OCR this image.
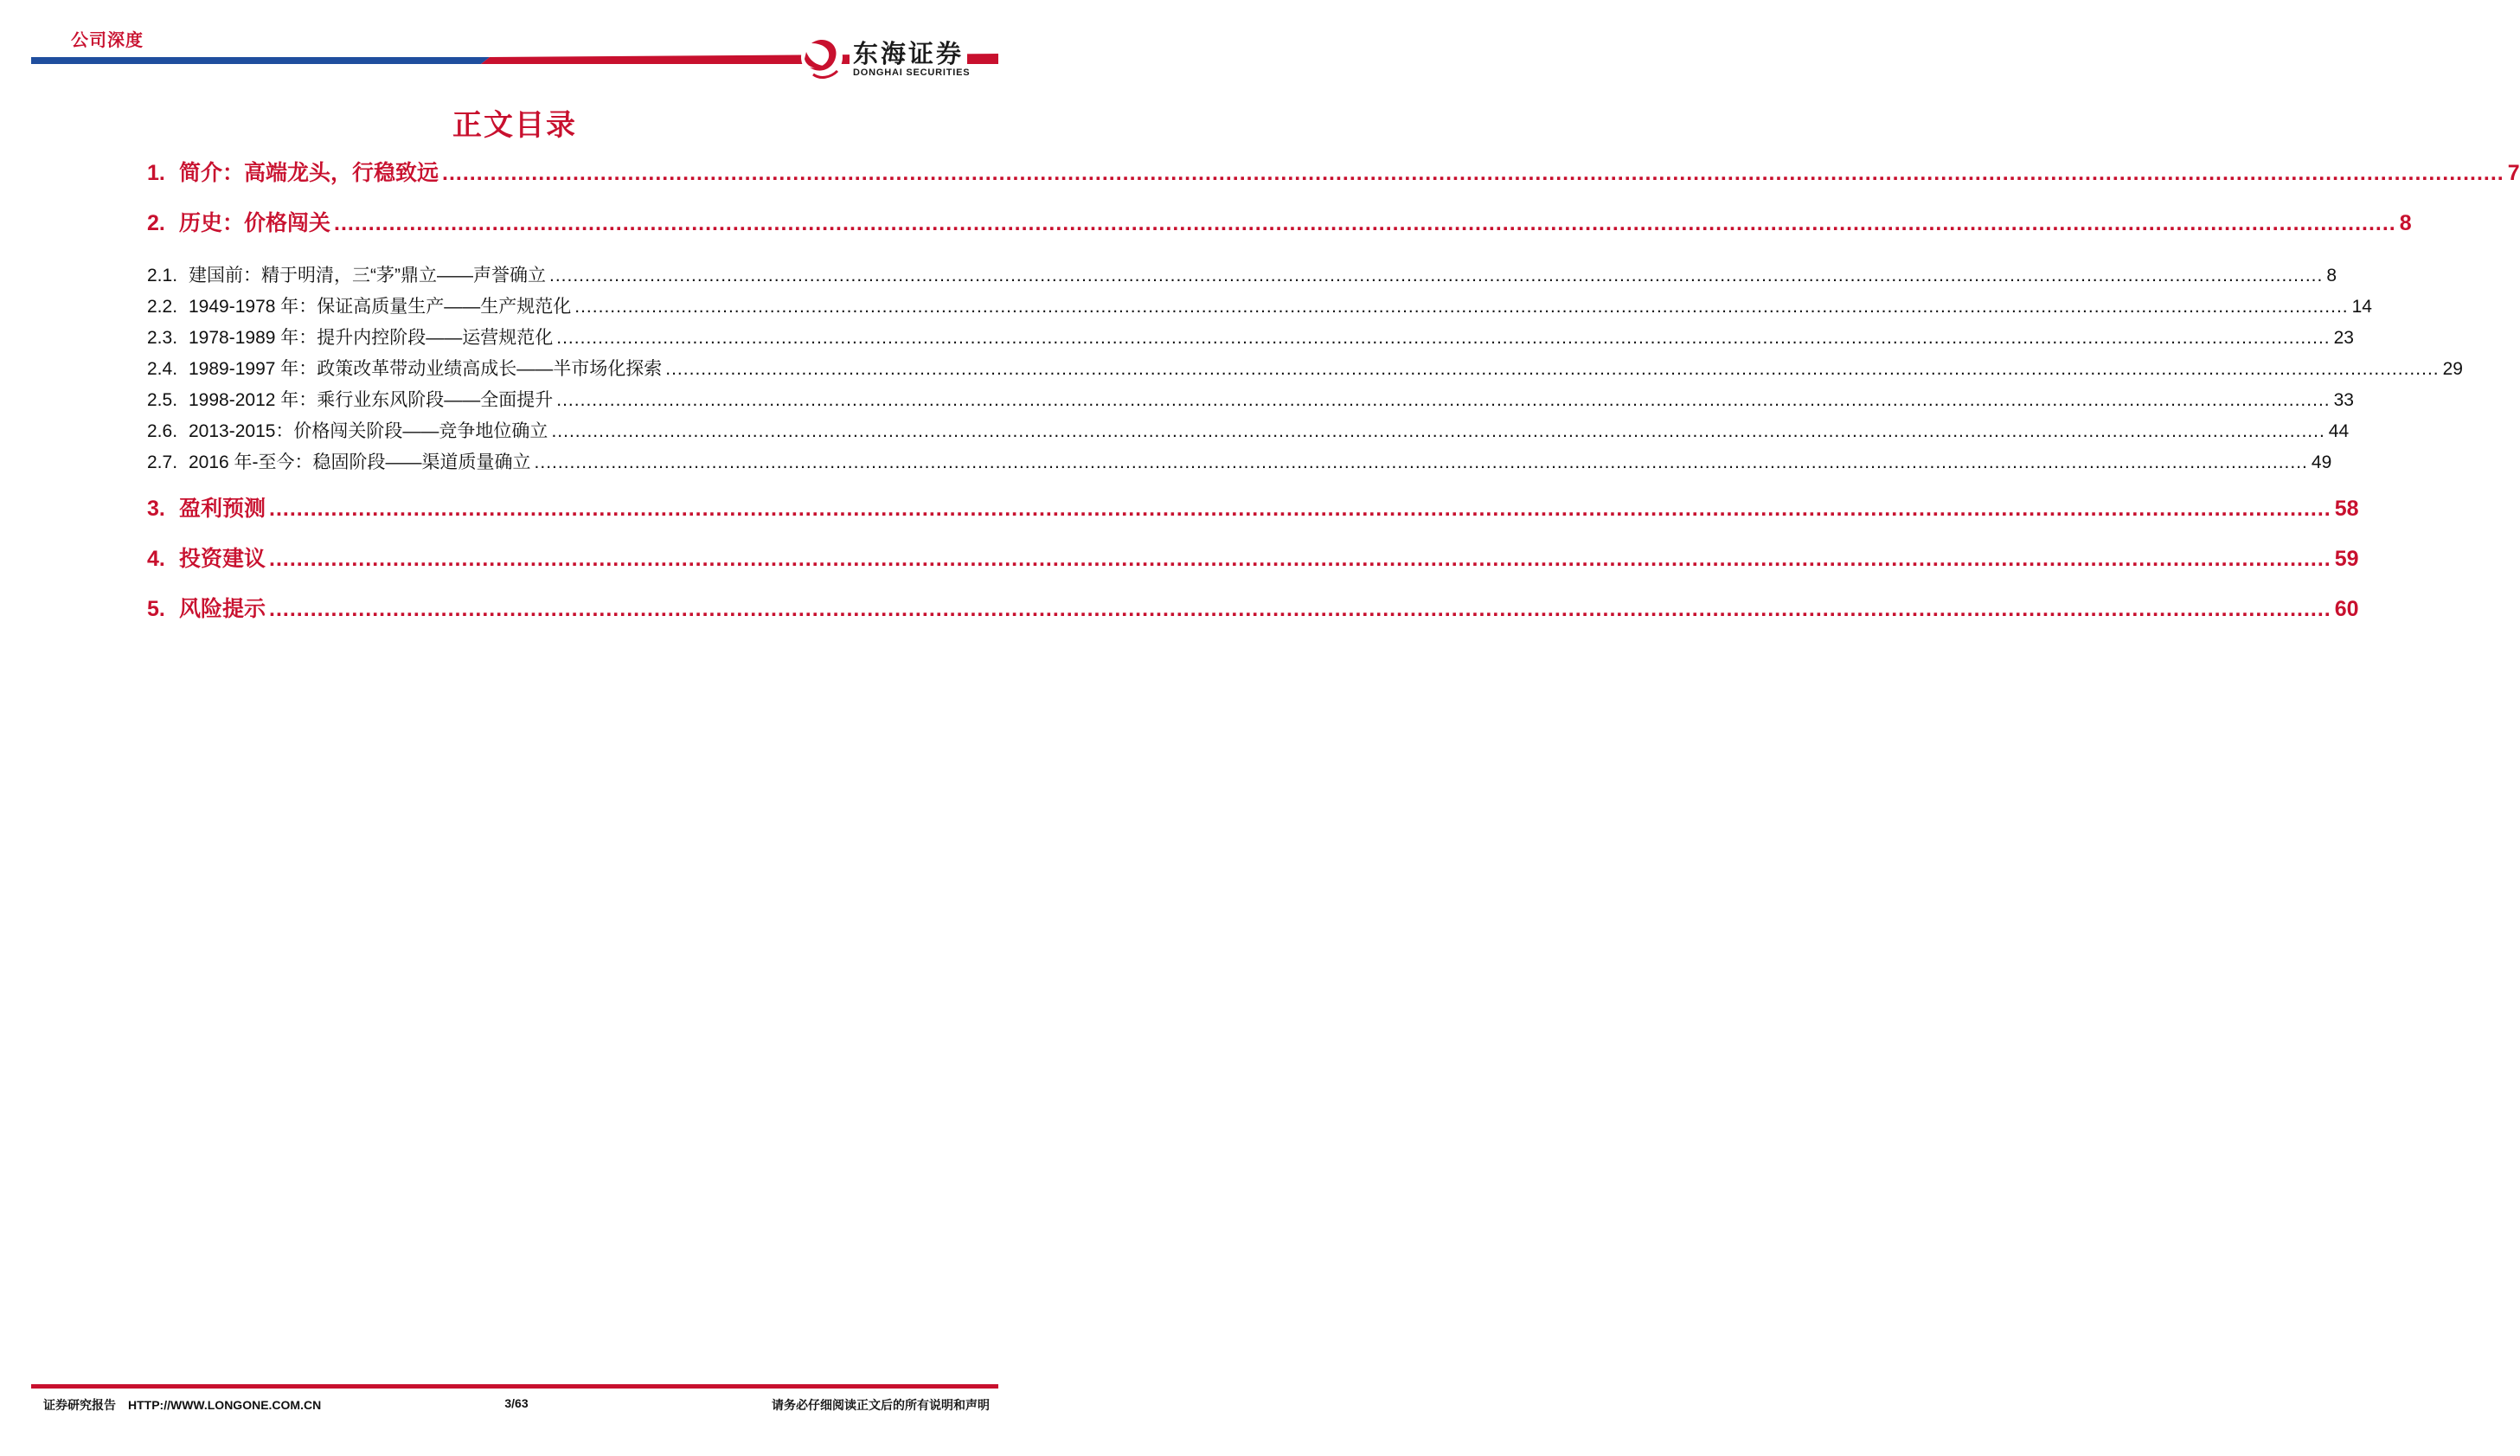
公司深度	东海证券
DONGHAI SECURITIES
正文目录
1. 简介：高端龙头，行稳致远 ............................................................................................................................................................................................................................................................................................................ 7
2. 历史：价格闯关 ............................................................................................................................................................................................................................................................................................................ 8
2.1. 建国前：精于明清，三“茅”鼎立——声誉确立 ............................................................................................................................................................................................................................................................................................................ 8
2.2. 1949-1978 年：保证高质量生产——生产规范化 ............................................................................................................................................................................................................................................................................................................ 14
2.3. 1978-1989 年：提升内控阶段——运营规范化 ............................................................................................................................................................................................................................................................................................................ 23
2.4. 1989-1997 年：政策改革带动业绩高成长——半市场化探索 ............................................................................................................................................................................................................................................................................................................ 29
2.5. 1998-2012 年：乘行业东风阶段——全面提升 ............................................................................................................................................................................................................................................................................................................ 33
2.6. 2013-2015：价格闯关阶段——竞争地位确立 ............................................................................................................................................................................................................................................................................................................ 44
2.7. 2016 年-至今：稳固阶段——渠道质量确立 ............................................................................................................................................................................................................................................................................................................ 49
3. 盈利预测 ............................................................................................................................................................................................................................................................................................................ 58
4. 投资建议 ............................................................................................................................................................................................................................................................................................................ 59
5. 风险提示 ............................................................................................................................................................................................................................................................................................................ 60
3/63
证券研究报告 HTTP://WWW.LONGONE.COM.CN	请务必仔细阅读正文后的所有说明和声明
